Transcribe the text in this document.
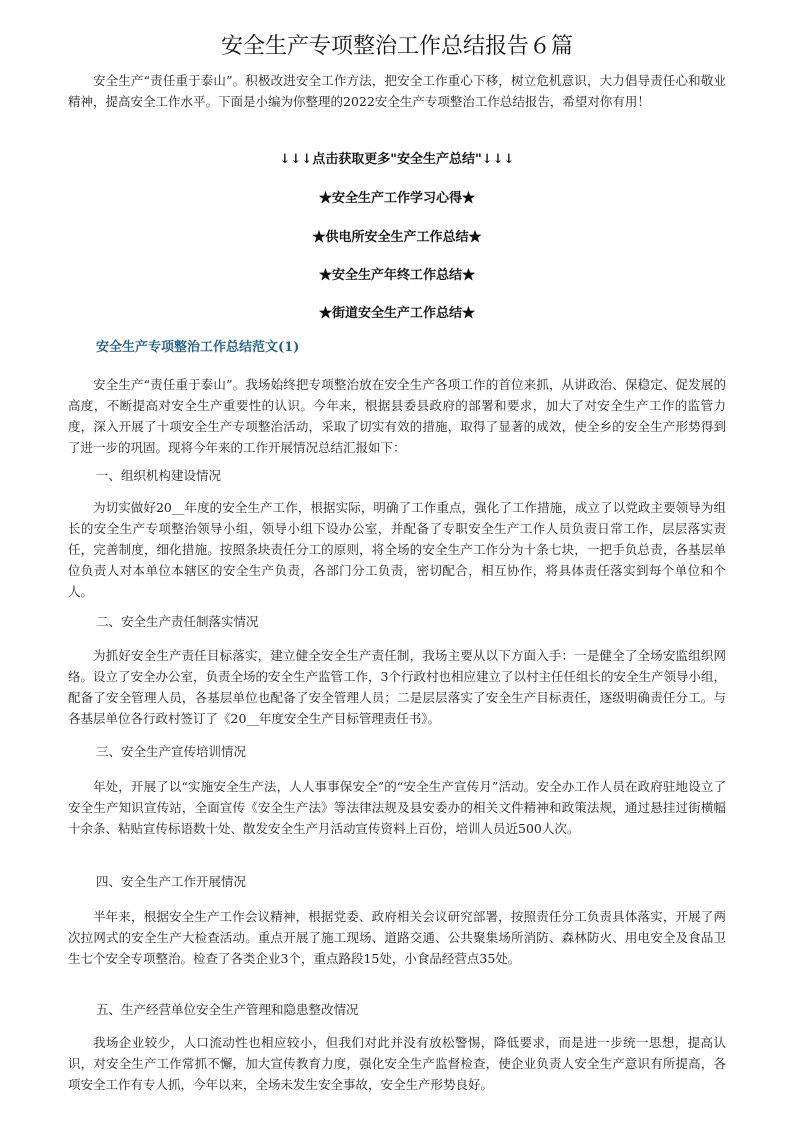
安全生产专项整治工作总结报告６篇

安全生产“责任重于泰山”。积极改进安全工作方法，把安全工作重心下移，树立危机意识，大力倡导责任心和敬业精神，提高安全工作水平。下面是小编为你整理的2022安全生产专项整治工作总结报告，希望对你有用！

↓↓↓点击获取更多"安全生产总结"↓↓↓
★安全生产工作学习心得★
★供电所安全生产工作总结★
★安全生产年终工作总结★
★街道安全生产工作总结★
安全生产专项整治工作总结范文(1)

安全生产“责任重于泰山”。我场始终把专项整治放在安全生产各项工作的首位来抓，从讲政治、保稳定、促发展的高度，不断提高对安全生产重要性的认识。今年来，根据县委县政府的部署和要求，加大了对安全生产工作的监管力度，深入开展了十项安全生产专项整治活动，采取了切实有效的措施，取得了显著的成效，使全乡的安全生产形势得到了进一步的巩固。现将今年来的工作开展情况总结汇报如下：

一、组织机构建设情况

为切实做好20__年度的安全生产工作，根据实际，明确了工作重点，强化了工作措施，成立了以党政主要领导为组长的安全生产专项整治领导小组，领导小组下设办公室，并配备了专职安全生产工作人员负责日常工作，层层落实责任，完善制度，细化措施。按照条块责任分工的原则，将全场的安全生产工作分为十条七块，一把手负总责，各基层单位负责人对本单位本辖区的安全生产负责，各部门分工负责，密切配合，相互协作，将具体责任落实到每个单位和个人。

二、安全生产责任制落实情况

为抓好安全生产责任目标落实，建立健全安全生产责任制，我场主要从以下方面入手：一是健全了全场安监组织网络。设立了安全办公室，负责全场的安全生产监管工作，3个行政村也相应建立了以村主任任组长的安全生产领导小组，配备了安全管理人员，各基层单位也配备了安全管理人员；二是层层落实了安全生产目标责任，逐级明确责任分工。与各基层单位各行政村签订了《20__年度安全生产目标管理责任书》。

三、安全生产宣传培训情况

年处，开展了以“实施安全生产法，人人事事保安全”的“安全生产宣传月”活动。安全办工作人员在政府驻地设立了安全生产知识宣传站，全面宣传《安全生产法》等法律法规及县安委办的相关文件精神和政策法规，通过悬挂过街横幅十余条、粘贴宣传标语数十处、散发安全生产月活动宣传资料上百份，培训人员近500人次。

四、安全生产工作开展情况

半年来，根据安全生产工作会议精神，根据党委、政府相关会议研究部署，按照责任分工负责具体落实，开展了两次拉网式的安全生产大检查活动。重点开展了施工现场、道路交通、公共聚集场所消防、森林防火、用电安全及食品卫生七个安全专项整治。检查了各类企业3个，重点路段15处，小食品经营点35处。

五、生产经营单位安全生产管理和隐患整改情况

我场企业较少，人口流动性也相应较小，但我们对此并没有放松警惕，降低要求，而是进一步统一思想，提高认识，对安全生产工作常抓不懈，加大宣传教育力度，强化安全生产监督检查，使企业负责人安全生产意识有所提高，各项安全工作有专人抓，今年以来，全场未发生安全事故，安全生产形势良好。
